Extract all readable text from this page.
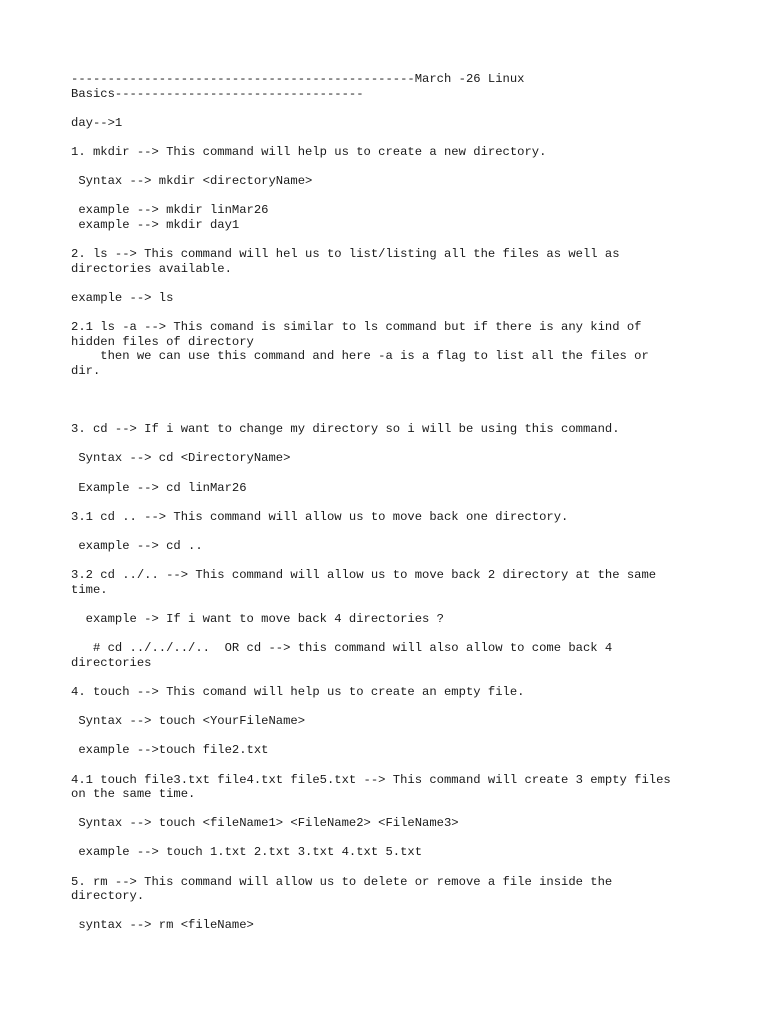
-----------------------------------------------March -26 Linux
Basics----------------------------------
day-->1
1. mkdir --> This command will help us to create a new directory.
Syntax --> mkdir <directoryName>
example --> mkdir linMar26
example --> mkdir day1
2. ls --> This command will hel us to list/listing all the files as well as
directories available.
example --> ls
2.1 ls -a --> This comand is similar to ls command but if there is any kind of
hidden files of directory
then we can use this command and here -a is a flag to list all the files or
dir.
3. cd --> If i want to change my directory so i will be using this command.
Syntax --> cd <DirectoryName>
Example --> cd linMar26
3.1 cd .. --> This command will allow us to move back one directory.
example --> cd ..
3.2 cd ../.. --> This command will allow us to move back 2 directory at the same
time.
example -> If i want to move back 4 directories ?
# cd ../../../..  OR cd --> this command will also allow to come back 4
directories
4. touch --> This comand will help us to create an empty file.
Syntax --> touch <YourFileName>
example -->touch file2.txt
4.1 touch file3.txt file4.txt file5.txt --> This command will create 3 empty files
on the same time.
Syntax --> touch <fileName1> <FileName2> <FileName3>
example --> touch 1.txt 2.txt 3.txt 4.txt 5.txt
5. rm --> This command will allow us to delete or remove a file inside the
directory.
syntax --> rm <fileName>
